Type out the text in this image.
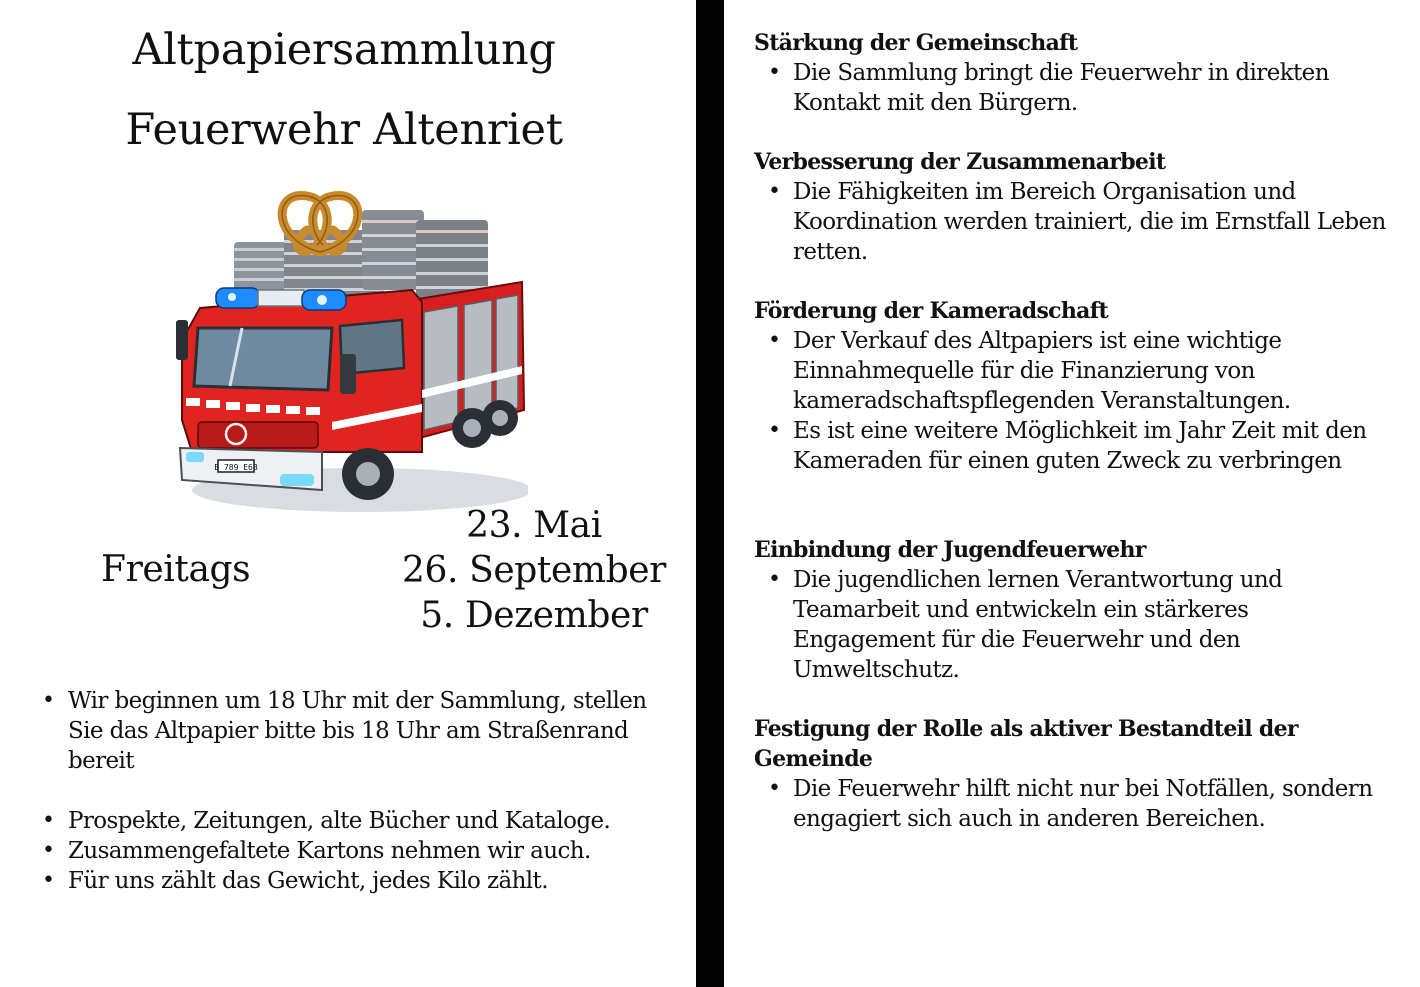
Altpapiersammlung
Feuerwehr Altenriet
B 789 E6B
Freitags
23. Mai
26. September
5. Dezember
• Wir beginnen um 18 Uhr mit der Sammlung, stellen Sie das Altpapier bitte bis 18 Uhr am Straßenrand bereit
• Prospekte, Zeitungen, alte Bücher und Kataloge.
• Zusammengefaltete Kartons nehmen wir auch.
• Für uns zählt das Gewicht, jedes Kilo zählt.
Stärkung der Gemeinschaft
• Die Sammlung bringt die Feuerwehr in direkten Kontakt mit den Bürgern.
Verbesserung der Zusammenarbeit
• Die Fähigkeiten im Bereich Organisation und Koordination werden trainiert, die im Ernstfall Leben retten.
Förderung der Kameradschaft
• Der Verkauf des Altpapiers ist eine wichtige Einnahmequelle für die Finanzierung von kameradschaftspflegenden Veranstaltungen.
• Es ist eine weitere Möglichkeit im Jahr Zeit mit den Kameraden für einen guten Zweck zu verbringen
Einbindung der Jugendfeuerwehr
• Die jugendlichen lernen Verantwortung und Teamarbeit und entwickeln ein stärkeres Engagement für die Feuerwehr und den Umweltschutz.
Festigung der Rolle als aktiver Bestandteil der Gemeinde
• Die Feuerwehr hilft nicht nur bei Notfällen, sondern engagiert sich auch in anderen Bereichen.
